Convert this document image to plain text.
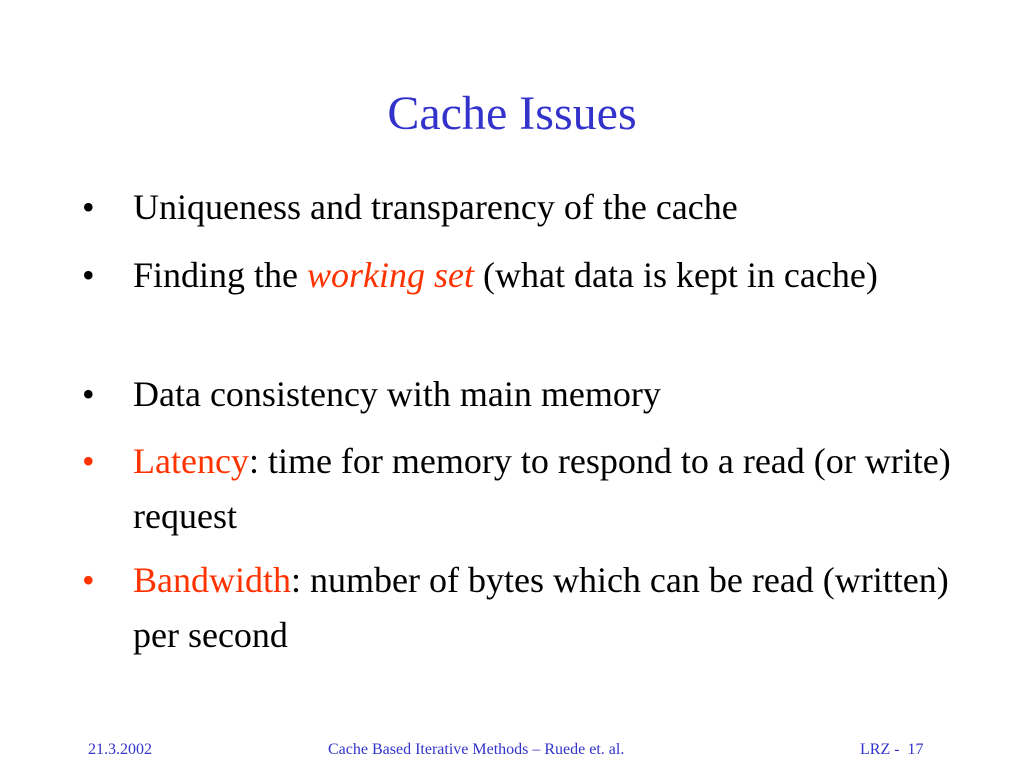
Cache Issues
•	Uniqueness and transparency of the cache
•	Finding the working set (what data is kept in cache)
•	Data consistency with main memory
•	Latency: time for memory to respond to a read (or write) request
•	Bandwidth: number of bytes which can be read (written) per second
21.3.2002	Cache Based Iterative Methods – Ruede et. al.	LRZ -  17
